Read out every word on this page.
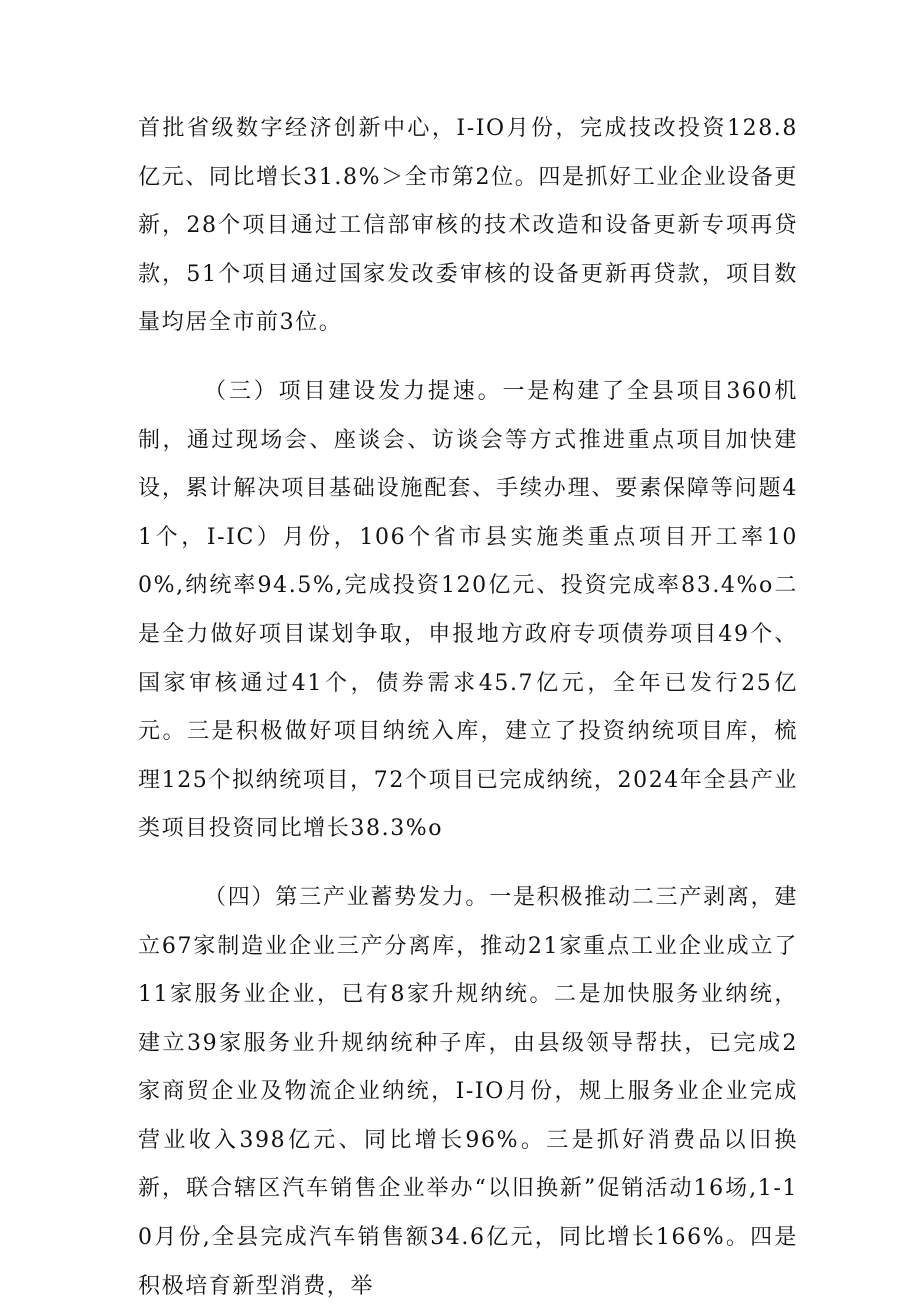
首批省级数字经济创新中心，I-IO月份，完成技改投资128.8亿元、同比增长31.8%＞全市第2位。四是抓好工业企业设备更新，28个项目通过工信部审核的技术改造和设备更新专项再贷款，51个项目通过国家发改委审核的设备更新再贷款，项目数量均居全市前3位。

（三）项目建设发力提速。一是构建了全县项目360机制，通过现场会、座谈会、访谈会等方式推进重点项目加快建设，累计解决项目基础设施配套、手续办理、要素保障等问题41个，I-IC）月份，106个省市县实施类重点项目开工率100%,纳统率94.5%,完成投资120亿元、投资完成率83.4%o二是全力做好项目谋划争取，申报地方政府专项债券项目49个、国家审核通过41个，债券需求45.7亿元，全年已发行25亿元。三是积极做好项目纳统入库，建立了投资纳统项目库，梳理125个拟纳统项目，72个项目已完成纳统，2024年全县产业类项目投资同比增长38.3%o

（四）第三产业蓄势发力。一是积极推动二三产剥离，建立67家制造业企业三产分离库，推动21家重点工业企业成立了11家服务业企业，已有8家升规纳统。二是加快服务业纳统，建立39家服务业升规纳统种子库，由县级领导帮扶，已完成2家商贸企业及物流企业纳统，I-IO月份，规上服务业企业完成营业收入398亿元、同比增长96%。三是抓好消费品以旧换新，联合辖区汽车销售企业举办“以旧换新”促销活动16场,1-10月份,全县完成汽车销售额34.6亿元，同比增长166%。四是积极培育新型消费，举
